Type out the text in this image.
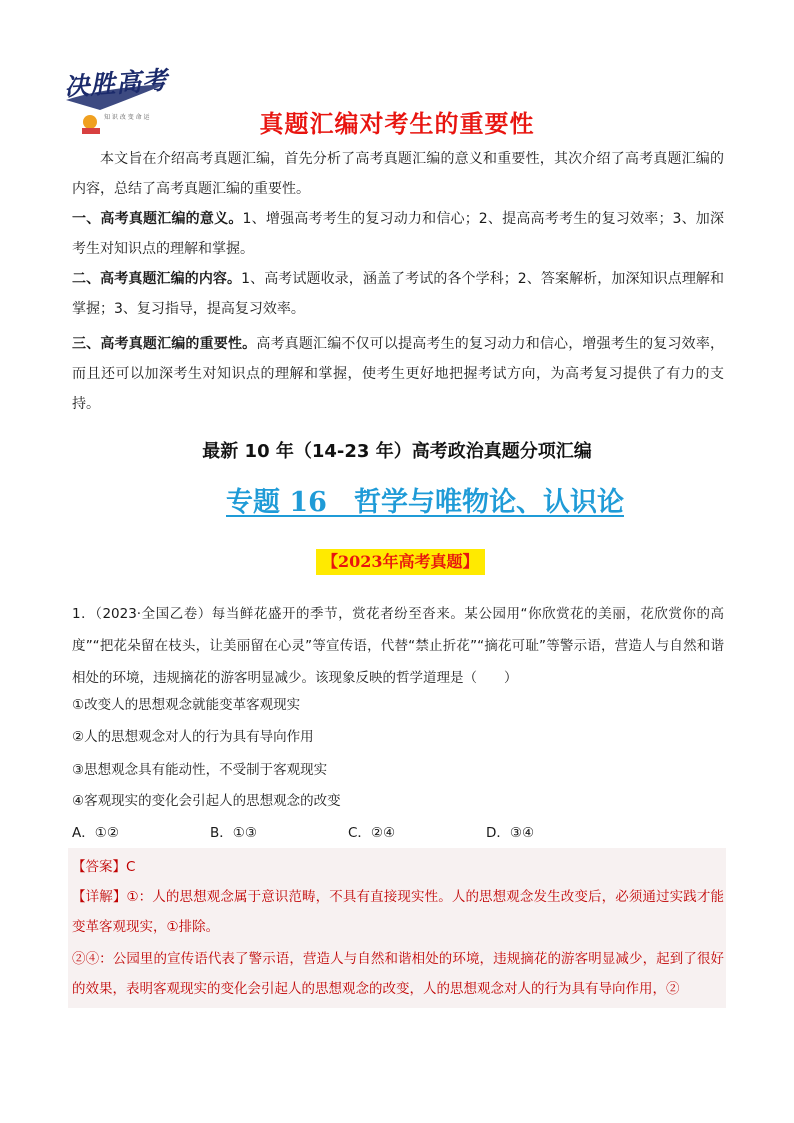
决胜高考
知 识 改 变 命 运	真题汇编对考生的重要性
本文旨在介绍高考真题汇编，首先分析了高考真题汇编的意义和重要性，其次介绍了高考真题汇编的内容，总结了高考真题汇编的重要性。
一、高考真题汇编的意义。1、增强高考考生的复习动力和信心；2、提高高考考生的复习效率；3、加深考生对知识点的理解和掌握。
二、高考真题汇编的内容。1、高考试题收录，涵盖了考试的各个学科；2、答案解析，加深知识点理解和掌握；3、复习指导，提高复习效率。
三、高考真题汇编的重要性。高考真题汇编不仅可以提高考生的复习动力和信心，增强考生的复习效率，而且还可以加深考生对知识点的理解和掌握，使考生更好地把握考试方向，为高考复习提供了有力的支持。
最新 10 年（14-23 年）高考政治真题分项汇编
专题 16　哲学与唯物论、认识论
【2023年高考真题】
1．（2023·全国乙卷）每当鲜花盛开的季节，赏花者纷至沓来。某公园用“你欣赏花的美丽，花欣赏你的高度”“把花朵留在枝头，让美丽留在心灵”等宣传语，代替“禁止折花”“摘花可耻”等警示语，营造人与自然和谐相处的环境，违规摘花的游客明显减少。该现象反映的哲学道理是（　　）
①改变人的思想观念就能变革客观现实
②人的思想观念对人的行为具有导向作用
③思想观念具有能动性，不受制于客观现实
④客观现实的变化会引起人的思想观念的改变
A．①②	B．①③	C．②④	D．③④
【答案】C
【详解】①：人的思想观念属于意识范畴，不具有直接现实性。人的思想观念发生改变后，必须通过实践才能变革客观现实，①排除。
②④：公园里的宣传语代表了警示语，营造人与自然和谐相处的环境，违规摘花的游客明显减少，起到了很好的效果，表明客观现实的变化会引起人的思想观念的改变，人的思想观念对人的行为具有导向作用，②
